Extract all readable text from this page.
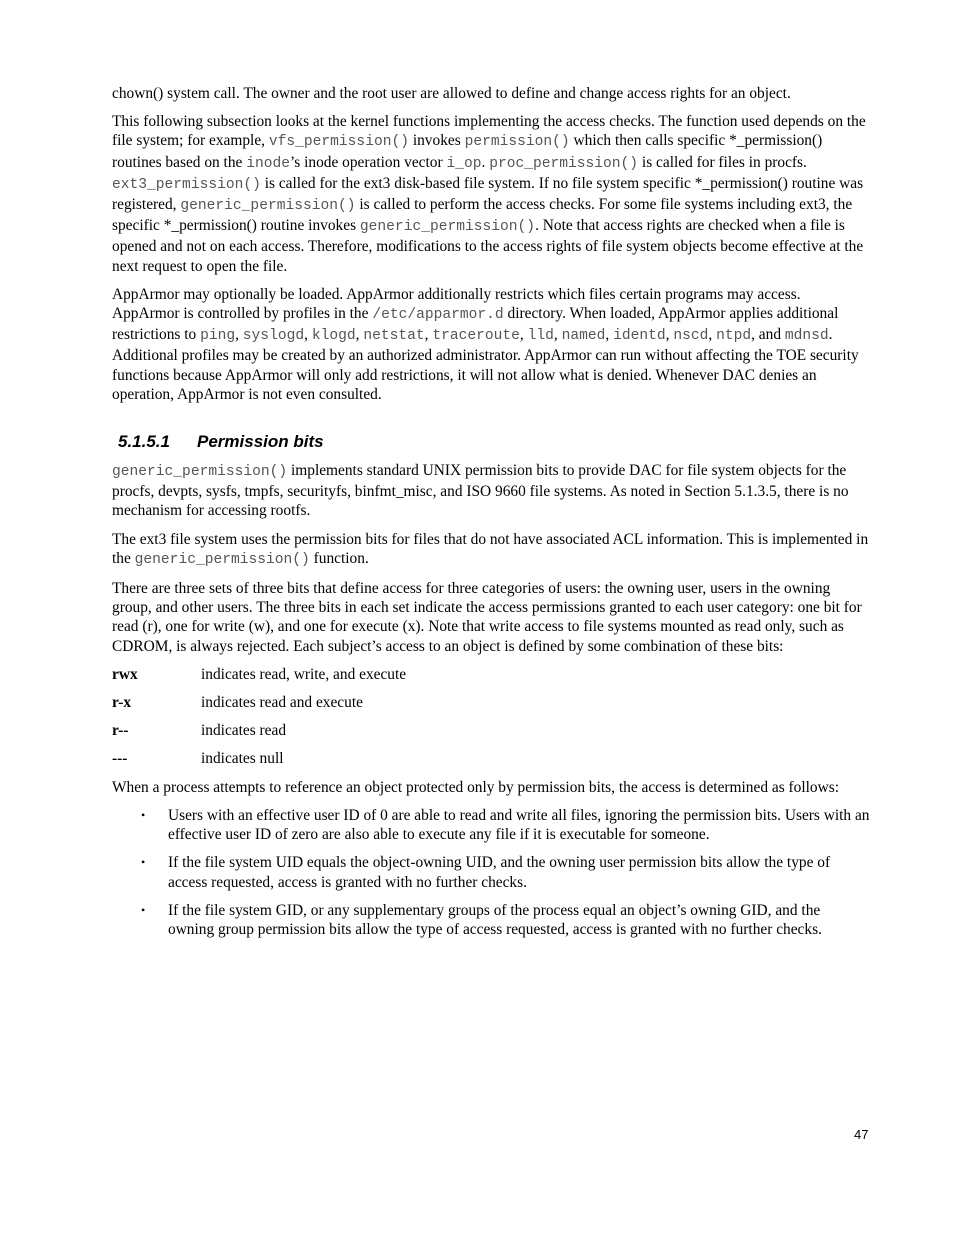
chown() system call. The owner and the root user are allowed to define and change access rights for an object.

This following subsection looks at the kernel functions implementing the access checks. The function used depends on the file system; for example, vfs_permission() invokes permission() which then calls specific *_permission() routines based on the inode’s inode operation vector i_op. proc_permission() is called for files in procfs. ext3_permission() is called for the ext3 disk-based file system. If no file system specific *_permission() routine was registered, generic_permission() is called to perform the access checks. For some file systems including ext3, the specific *_permission() routine invokes generic_permission(). Note that access rights are checked when a file is opened and not on each access. Therefore, modifications to the access rights of file system objects become effective at the next request to open the file.

AppArmor may optionally be loaded. AppArmor additionally restricts which files certain programs may access. AppArmor is controlled by profiles in the /etc/apparmor.d directory. When loaded, AppArmor applies additional restrictions to ping, syslogd, klogd, netstat, traceroute, lld, named, identd, nscd, ntpd, and mdnsd. Additional profiles may be created by an authorized administrator. AppArmor can run without affecting the TOE security functions because AppArmor will only add restrictions, it will not allow what is denied. Whenever DAC denies an operation, AppArmor is not even consulted.

5.1.5.1 Permission bits

generic_permission() implements standard UNIX permission bits to provide DAC for file system objects for the procfs, devpts, sysfs, tmpfs, securityfs, binfmt_misc, and ISO 9660 file systems. As noted in Section 5.1.3.5, there is no mechanism for accessing rootfs.

The ext3 file system uses the permission bits for files that do not have associated ACL information. This is implemented in the generic_permission() function.

There are three sets of three bits that define access for three categories of users: the owning user, users in the owning group, and other users. The three bits in each set indicate the access permissions granted to each user category: one bit for read (r), one for write (w), and one for execute (x). Note that write access to file systems mounted as read only, such as CDROM, is always rejected. Each subject’s access to an object is defined by some combination of these bits:

rwx	indicates read, write, and execute
r-x	indicates read and execute
r--	indicates read
---	indicates null

When a process attempts to reference an object protected only by permission bits, the access is determined as follows:

• Users with an effective user ID of 0 are able to read and write all files, ignoring the permission bits. Users with an effective user ID of zero are also able to execute any file if it is executable for someone.
• If the file system UID equals the object-owning UID, and the owning user permission bits allow the type of access requested, access is granted with no further checks.
• If the file system GID, or any supplementary groups of the process equal an object’s owning GID, and the owning group permission bits allow the type of access requested, access is granted with no further checks.
47
